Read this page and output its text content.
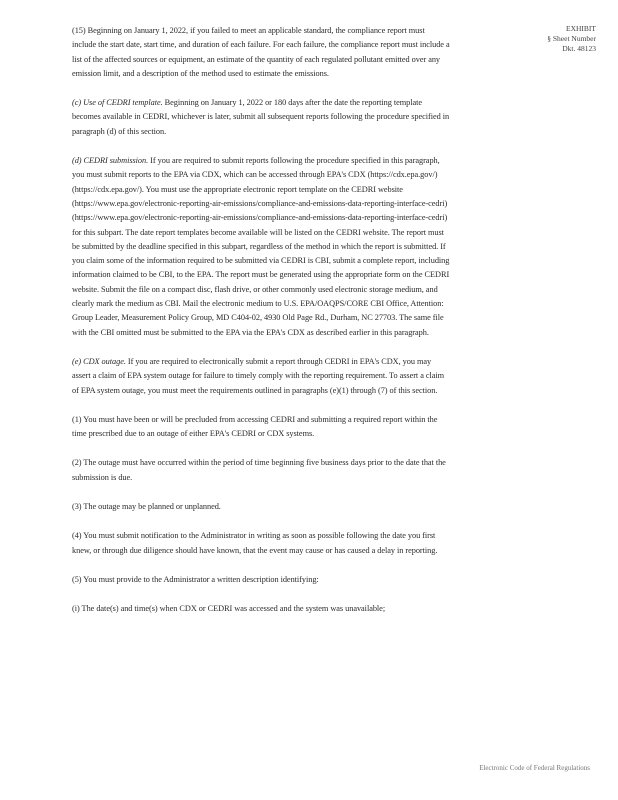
EXHIBIT
§ Sheet Number
Dkt. 48123

(15) Beginning on January 1, 2022, if you failed to meet an applicable standard, the compliance report must include the start date, start time, and duration of each failure. For each failure, the compliance report must include a list of the affected sources or equipment, an estimate of the quantity of each regulated pollutant emitted over any emission limit, and a description of the method used to estimate the emissions.

(c) Use of CEDRI template. Beginning on January 1, 2022 or 180 days after the date the reporting template becomes available in CEDRI, whichever is later, submit all subsequent reports following the procedure specified in paragraph (d) of this section.

(d) CEDRI submission. If you are required to submit reports following the procedure specified in this paragraph, you must submit reports to the EPA via CDX, which can be accessed through EPA's CDX (https://cdx.epa.gov/) (https://cdx.epa.gov/). You must use the appropriate electronic report template on the CEDRI website (https://www.epa.gov/electronic-reporting-air-emissions/compliance-and-emissions-data-reporting-interface-cedri) (https://www.epa.gov/electronic-reporting-air-emissions/compliance-and-emissions-data-reporting-interface-cedri) for this subpart. The date report templates become available will be listed on the CEDRI website. The report must be submitted by the deadline specified in this subpart, regardless of the method in which the report is submitted. If you claim some of the information required to be submitted via CEDRI is CBI, submit a complete report, including information claimed to be CBI, to the EPA. The report must be generated using the appropriate form on the CEDRI website. Submit the file on a compact disc, flash drive, or other commonly used electronic storage medium, and clearly mark the medium as CBI. Mail the electronic medium to U.S. EPA/OAQPS/CORE CBI Office, Attention: Group Leader, Measurement Policy Group, MD C404-02, 4930 Old Page Rd., Durham, NC 27703. The same file with the CBI omitted must be submitted to the EPA via the EPA's CDX as described earlier in this paragraph.

(e) CDX outage. If you are required to electronically submit a report through CEDRI in EPA's CDX, you may assert a claim of EPA system outage for failure to timely comply with the reporting requirement. To assert a claim of EPA system outage, you must meet the requirements outlined in paragraphs (e)(1) through (7) of this section.

(1) You must have been or will be precluded from accessing CEDRI and submitting a required report within the time prescribed due to an outage of either EPA's CEDRI or CDX systems.

(2) The outage must have occurred within the period of time beginning five business days prior to the date that the submission is due.

(3) The outage may be planned or unplanned.

(4) You must submit notification to the Administrator in writing as soon as possible following the date you first knew, or through due diligence should have known, that the event may cause or has caused a delay in reporting.

(5) You must provide to the Administrator a written description identifying:

(i) The date(s) and time(s) when CDX or CEDRI was accessed and the system was unavailable;

Electronic Code of Federal Regulations
